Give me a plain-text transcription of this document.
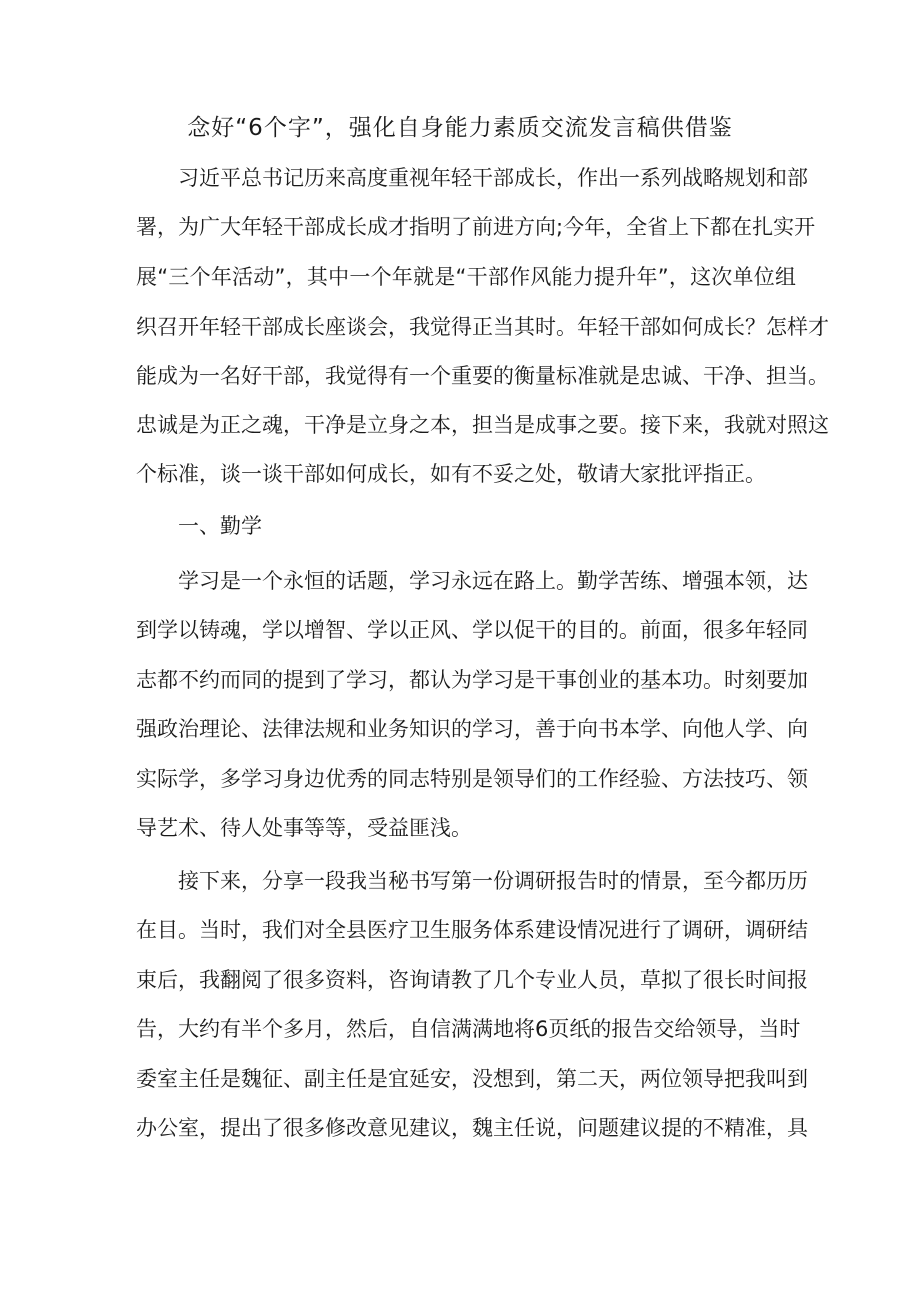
念好“6个字”，强化自身能力素质交流发言稿供借鉴

习近平总书记历来高度重视年轻干部成长，作出一系列战略规划和部

署，为广大年轻干部成长成才指明了前进方向;今年，全省上下都在扎实开

展“三个年活动”，其中一个年就是“干部作风能力提升年”，这次单位组

织召开年轻干部成长座谈会，我觉得正当其时。年轻干部如何成长？怎样才

能成为一名好干部，我觉得有一个重要的衡量标准就是忠诚、干净、担当。

忠诚是为正之魂，干净是立身之本，担当是成事之要。接下来，我就对照这

个标准，谈一谈干部如何成长，如有不妥之处，敬请大家批评指正。

一、勤学

学习是一个永恒的话题，学习永远在路上。勤学苦练、增强本领，达

到学以铸魂，学以增智、学以正风、学以促干的目的。前面，很多年轻同

志都不约而同的提到了学习，都认为学习是干事创业的基本功。时刻要加

强政治理论、法律法规和业务知识的学习，善于向书本学、向他人学、向

实际学，多学习身边优秀的同志特别是领导们的工作经验、方法技巧、领

导艺术、待人处事等等，受益匪浅。

接下来，分享一段我当秘书写第一份调研报告时的情景，至今都历历

在目。当时，我们对全县医疗卫生服务体系建设情况进行了调研，调研结

束后，我翻阅了很多资料，咨询请教了几个专业人员，草拟了很长时间报

告，大约有半个多月，然后，自信满满地将6页纸的报告交给领导，当时

委室主任是魏征、副主任是宜延安，没想到，第二天，两位领导把我叫到

办公室，提出了很多修改意见建议，魏主任说，问题建议提的不精准，具
